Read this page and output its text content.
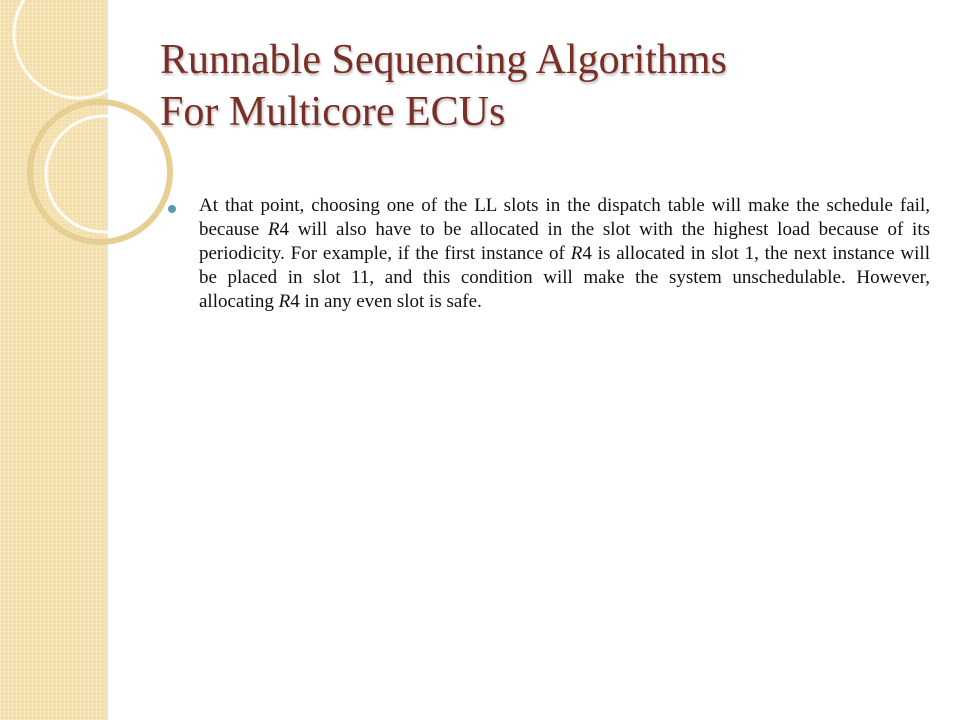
Runnable Sequencing Algorithms
For Multicore ECUs

At that point, choosing one of the LL slots in the dispatch table will make the schedule fail, because R4 will also have to be allocated in the slot with the highest load because of its periodicity. For example, if the first instance of R4 is allocated in slot 1, the next instance will be placed in slot 11, and this condition will make the system unschedulable. However, allocating R4 in any even slot is safe.
